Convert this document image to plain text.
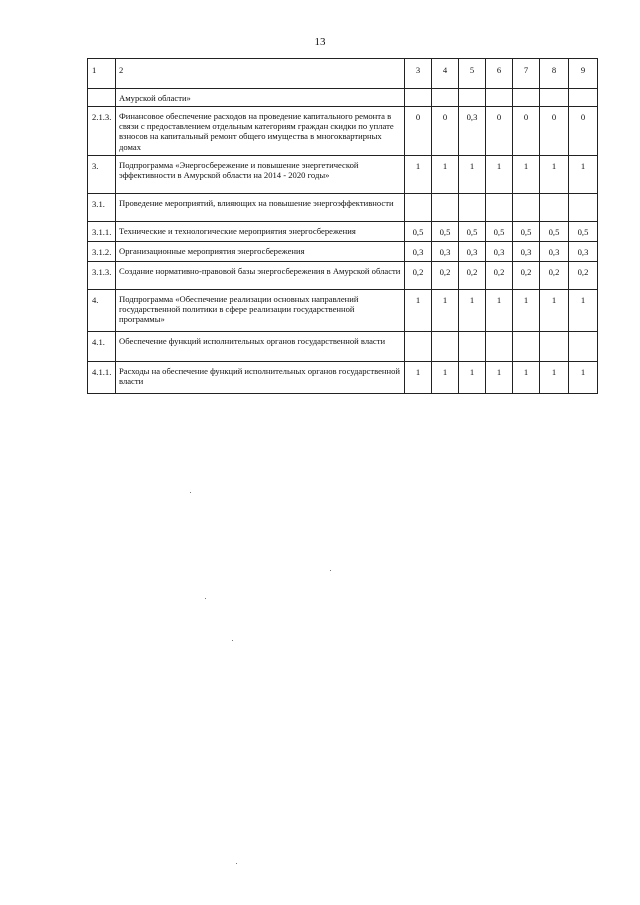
13
1	2	3	4	5	6	7	8	9
	Амурской области»							
2.1.3.	Финансовое обеспечение расходов на проведение капитального ремонта в связи с предоставлением отдельным категориям граждан скидки по уплате взносов на капитальный ремонт общего имущества в многоквартирных домах	0	0	0,3	0	0	0	0
3.	Подпрограмма «Энергосбережение и повышение энергетической эффективности в Амурской области на 2014 - 2020 годы»	1	1	1	1	1	1	1
3.1.	Проведение мероприятий, влияющих на повышение энергоэффективности							
3.1.1.	Технические и технологические мероприятия энергосбережения	0,5	0,5	0,5	0,5	0,5	0,5	0,5
3.1.2.	Организационные мероприятия энергосбережения	0,3	0,3	0,3	0,3	0,3	0,3	0,3
3.1.3.	Создание нормативно-правовой базы энергосбережения в Амурской области	0,2	0,2	0,2	0,2	0,2	0,2	0,2
4.	Подпрограмма «Обеспечение реализации основных направлений государственной политики в сфере реализации государственной программы»	1	1	1	1	1	1	1
4.1.	Обеспечение функций исполнительных органов государственной власти							
4.1.1.	Расходы на обеспечение функций исполнительных органов государственной власти	1	1	1	1	1	1	1
